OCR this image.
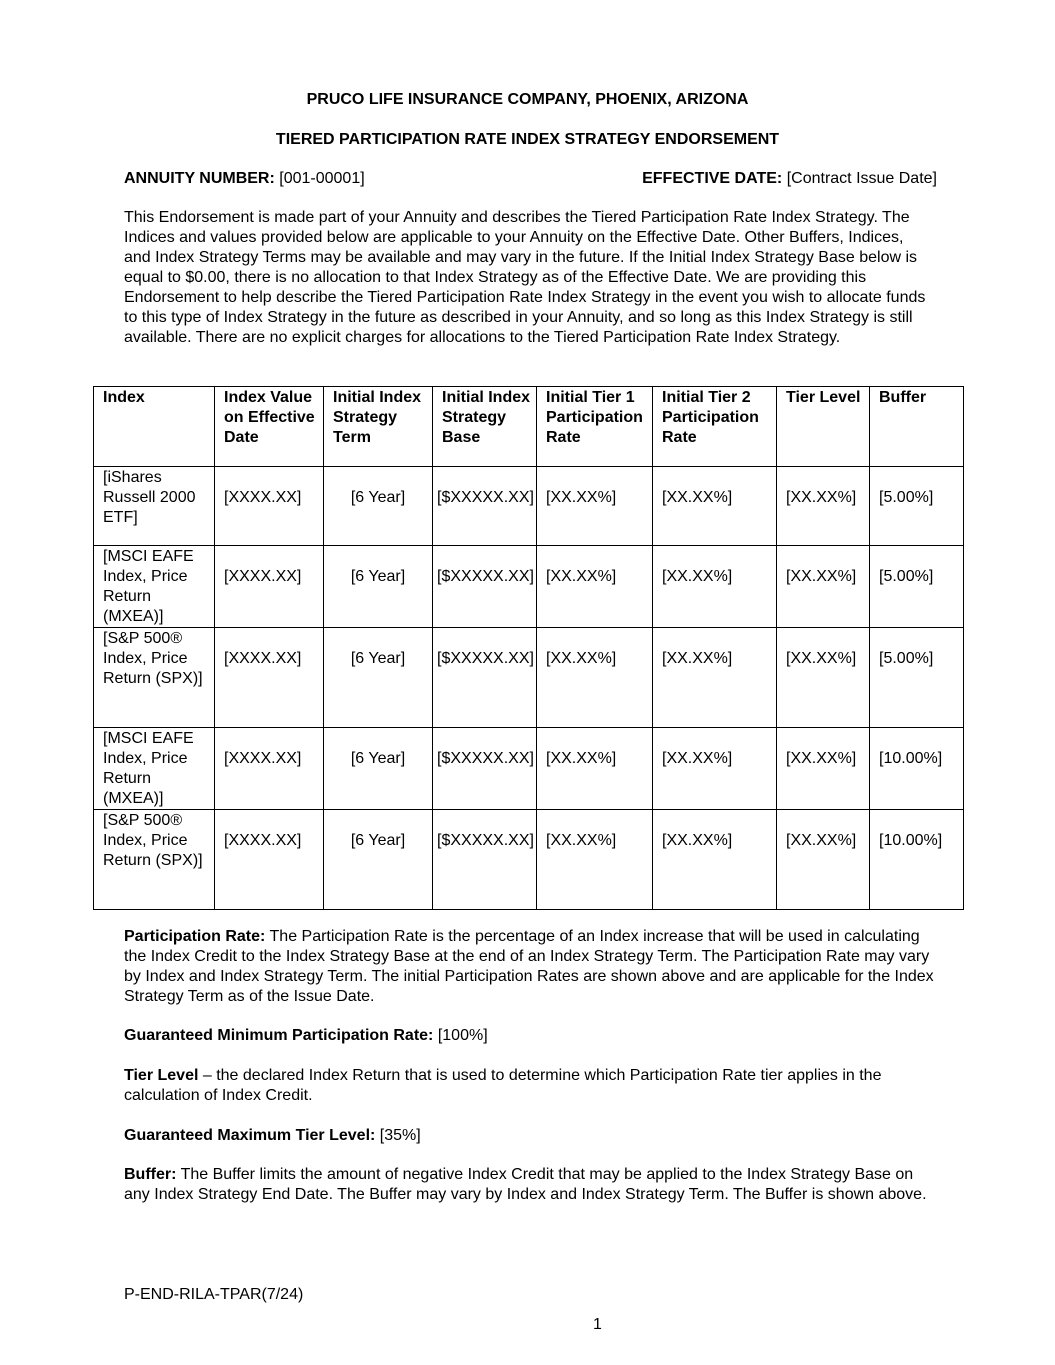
PRUCO LIFE INSURANCE COMPANY, PHOENIX, ARIZONA
TIERED PARTICIPATION RATE INDEX STRATEGY ENDORSEMENT
ANNUITY NUMBER: [001-00001]	EFFECTIVE DATE: [Contract Issue Date]

This Endorsement is made part of your Annuity and describes the Tiered Participation Rate Index Strategy. The Indices and values provided below are applicable to your Annuity on the Effective Date. Other Buffers, Indices, and Index Strategy Terms may be available and may vary in the future. If the Initial Index Strategy Base below is equal to $0.00, there is no allocation to that Index Strategy as of the Effective Date. We are providing this Endorsement to help describe the Tiered Participation Rate Index Strategy in the event you wish to allocate funds to this type of Index Strategy in the future as described in your Annuity, and so long as this Index Strategy is still available. There are no explicit charges for allocations to the Tiered Participation Rate Index Strategy.

Index	Index Value on Effective Date	Initial Index Strategy Term	Initial Index Strategy Base	Initial Tier 1 Participation Rate	Initial Tier 2 Participation Rate	Tier Level	Buffer
[iShares Russell 2000 ETF]	[XXXX.XX]	[6 Year]	[$XXXXX.XX]	[XX.XX%]	[XX.XX%]	[XX.XX%]	[5.00%]
[MSCI EAFE Index, Price Return (MXEA)]	[XXXX.XX]	[6 Year]	[$XXXXX.XX]	[XX.XX%]	[XX.XX%]	[XX.XX%]	[5.00%]
[S&P 500® Index, Price Return (SPX)]	[XXXX.XX]	[6 Year]	[$XXXXX.XX]	[XX.XX%]	[XX.XX%]	[XX.XX%]	[5.00%]
[MSCI EAFE Index, Price Return (MXEA)]	[XXXX.XX]	[6 Year]	[$XXXXX.XX]	[XX.XX%]	[XX.XX%]	[XX.XX%]	[10.00%]
[S&P 500® Index, Price Return (SPX)]	[XXXX.XX]	[6 Year]	[$XXXXX.XX]	[XX.XX%]	[XX.XX%]	[XX.XX%]	[10.00%]

Participation Rate: The Participation Rate is the percentage of an Index increase that will be used in calculating the Index Credit to the Index Strategy Base at the end of an Index Strategy Term. The Participation Rate may vary by Index and Index Strategy Term. The initial Participation Rates are shown above and are applicable for the Index Strategy Term as of the Issue Date.

Guaranteed Minimum Participation Rate: [100%]

Tier Level – the declared Index Return that is used to determine which Participation Rate tier applies in the calculation of Index Credit.

Guaranteed Maximum Tier Level: [35%]

Buffer: The Buffer limits the amount of negative Index Credit that may be applied to the Index Strategy Base on any Index Strategy End Date. The Buffer may vary by Index and Index Strategy Term. The Buffer is shown above.

P-END-RILA-TPAR(7/24)
1
